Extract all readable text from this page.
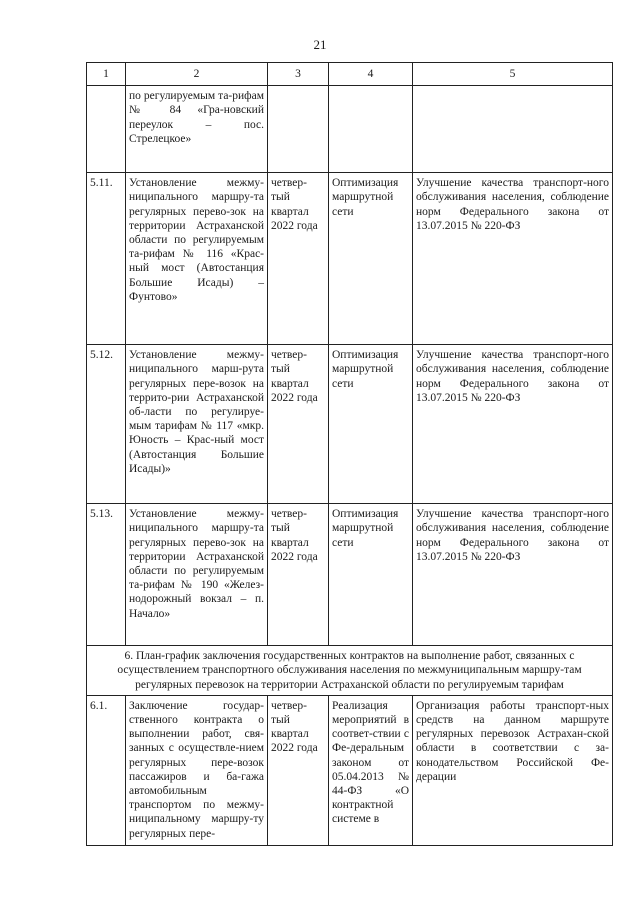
21
1	2	3	4	5
	по регулируемым та-рифам № 84 «Гра-новский переулок – пос. Стрелецкое»			
5.11.	Установление межму-ниципального маршру-та регулярных перево-зок на территории Астраханской области по регулируемым та-рифам № 116 «Крас-ный мост (Автостанция Большие Исады) – Фунтово»	четвер-тый квартал 2022 года	Оптимизация маршрутной сети	Улучшение качества транспорт-ного обслуживания населения, соблюдение норм Федерального закона от 13.07.2015 № 220-ФЗ
5.12.	Установление межму-ниципального марш-рута регулярных пере-возок на террито-рии Астраханской об-ласти по регулируе-мым тарифам № 117 «мкр. Юность – Крас-ный мост (Автостанция Большие Исады)»	четвер-тый квартал 2022 года	Оптимизация маршрутной сети	Улучшение качества транспорт-ного обслуживания населения, соблюдение норм Федерального закона от 13.07.2015 № 220-ФЗ
5.13.	Установление межму-ниципального маршру-та регулярных перево-зок на территории Астраханской области по регулируемым та-рифам № 190 «Желез-нодорожный вокзал – п. Начало»	четвер-тый квартал 2022 года	Оптимизация маршрутной сети	Улучшение качества транспорт-ного обслуживания населения, соблюдение норм Федерального закона от 13.07.2015 № 220-ФЗ
6. План-график заключения государственных контрактов на выполнение работ, связанных с осуществлением транспортного обслуживания населения по межмуниципальным маршру-там регулярных перевозок на территории Астраханской области по регулируемым тарифам				
6.1.	Заключение государ-ственного контракта о выполнении работ, свя-занных с осуществле-нием регулярных пере-возок пассажиров и ба-гажа автомобильным транспортом по межму-ниципальному маршру-ту регулярных пере-	четвер-тый квартал 2022 года	Реализация мероприятий в соответ-ствии с Фе-деральным законом от 05.04.2013 № 44-ФЗ «О контрактной системе в	Организация работы транспорт-ных средств на данном маршруте регулярных перевозок Астрахан-ской области в соответствии с за-конодательством Российской Фе-дерации
